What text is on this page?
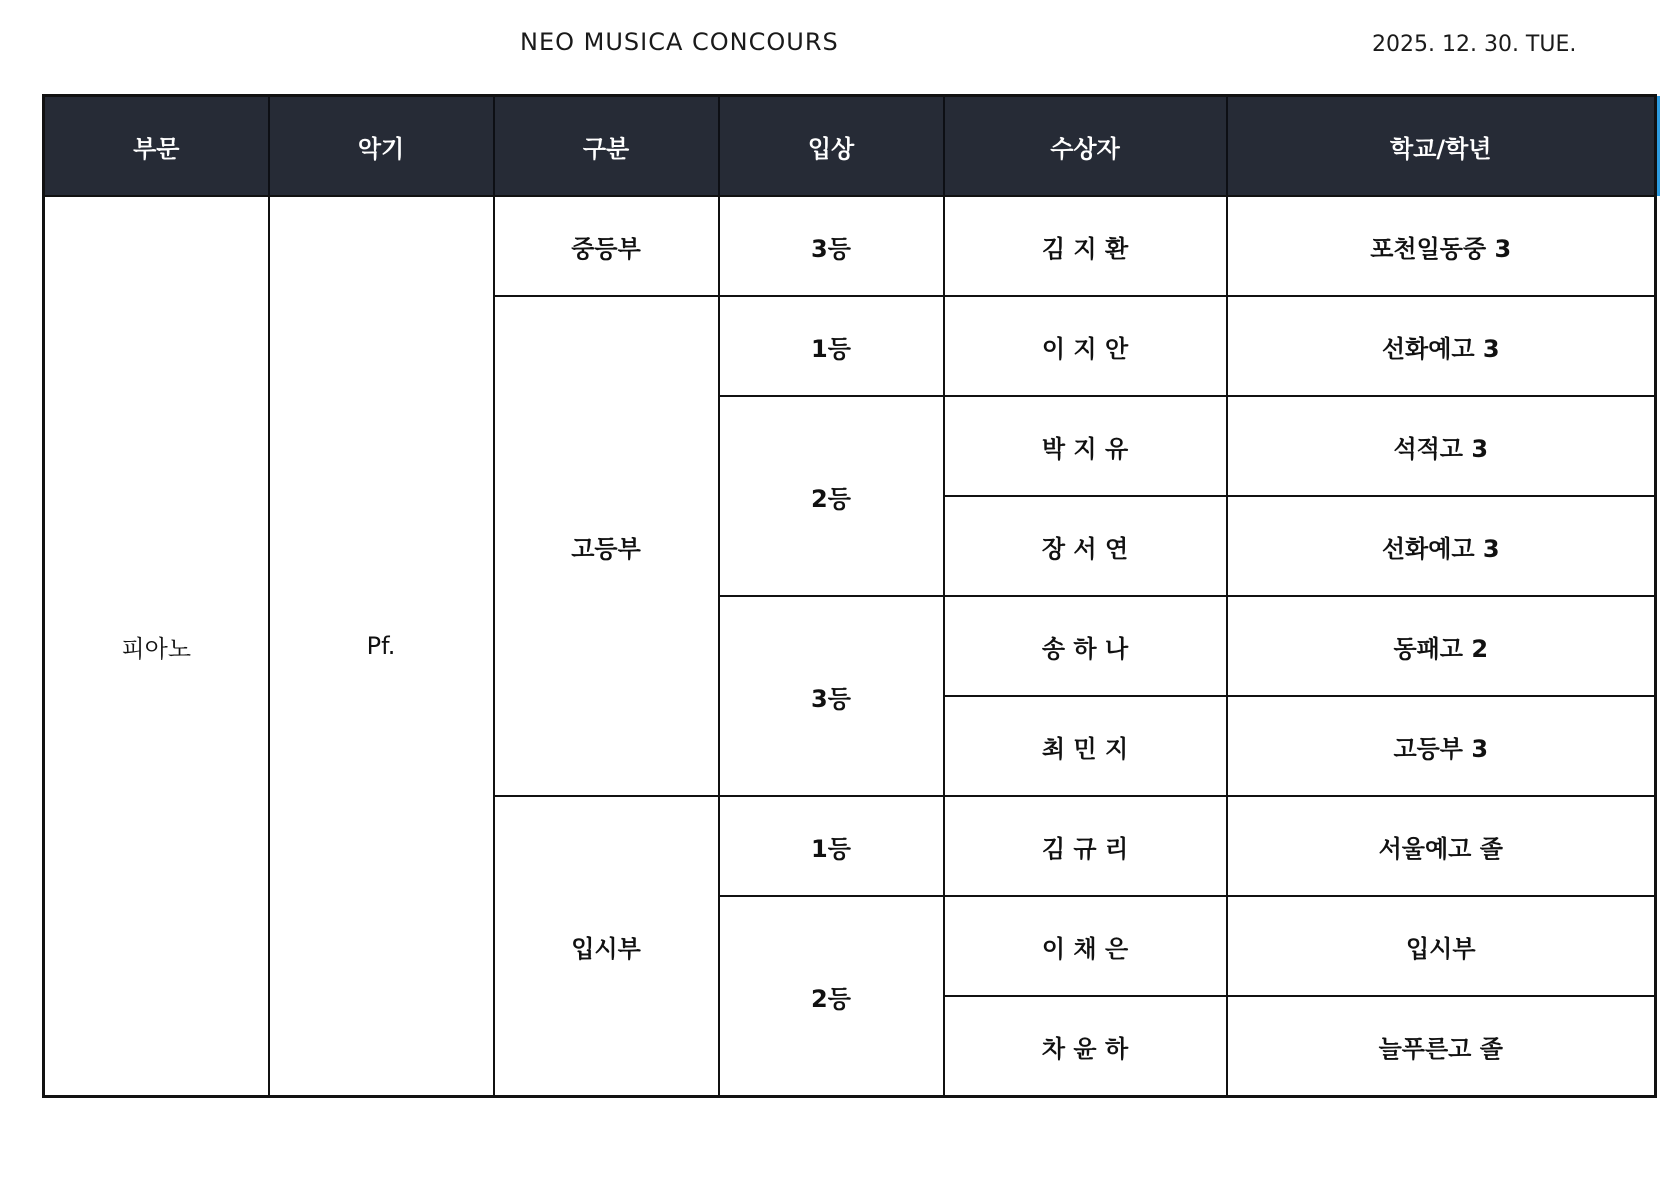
NEO MUSICA CONCOURS	2025. 12. 30. TUE.
부문	악기	구분	입상	수상자	학교/학년
피아노	Pf.	중등부	3등	김 지 환	포천일동중 3
		고등부	1등	이 지 안	선화예고 3
			2등	박 지 유	석적고 3
				장 서 연	선화예고 3
			3등	송 하 나	동패고 2
				최 민 지	고등부 3
		입시부	1등	김 규 리	서울예고 졸
			2등	이 채 은	입시부
				차 윤 하	늘푸른고 졸
